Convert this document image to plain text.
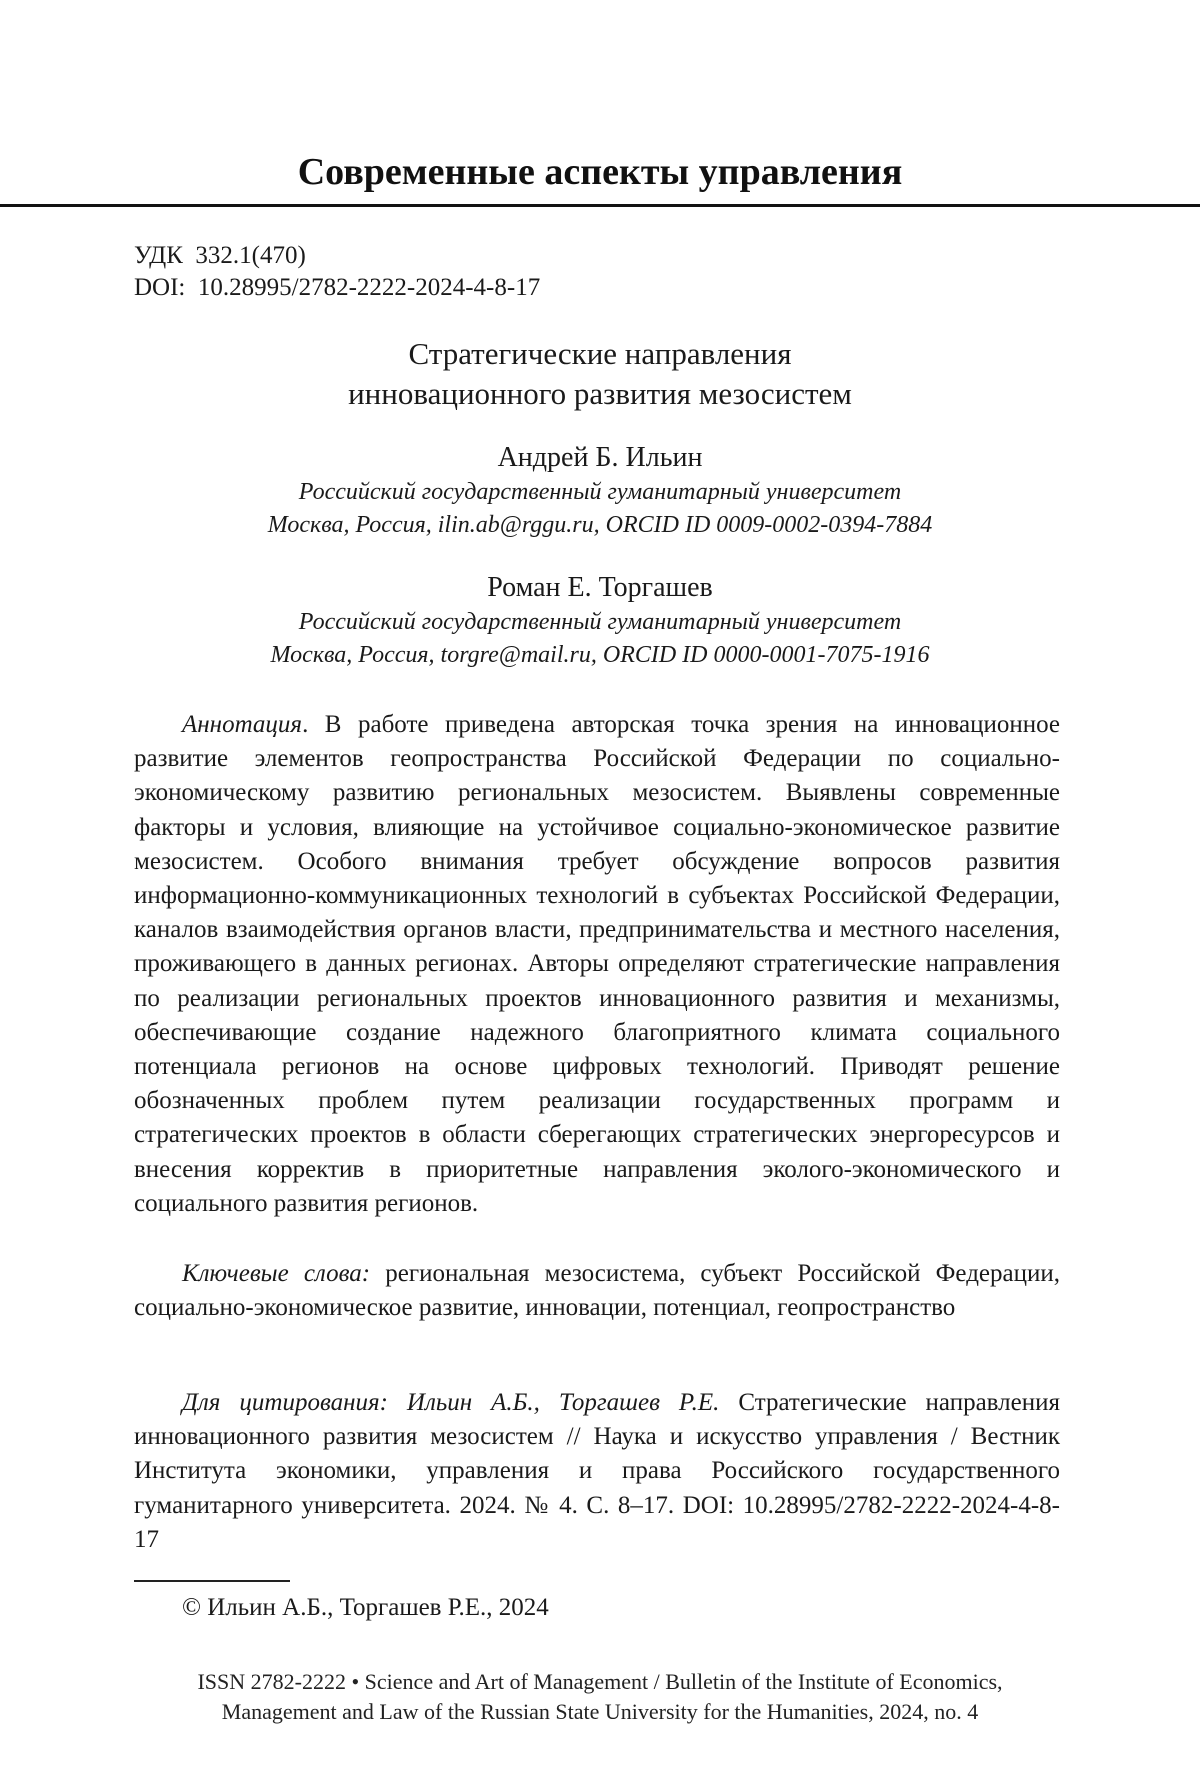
Современные аспекты управления
УДК  332.1(470)
DOI:  10.28995/2782-2222-2024-4-8-17
Стратегические направления
инновационного развития мезосистем
Андрей Б. Ильин
Российский государственный гуманитарный университет
Москва, Россия, ilin.ab@rggu.ru, ORCID ID 0009-0002-0394-7884
Роман Е. Торгашев
Российский государственный гуманитарный университет
Москва, Россия, torgre@mail.ru, ORCID ID 0000-0001-7075-1916

Аннотация. В работе приведена авторская точка зрения на инновационное развитие элементов геопространства Российской Федерации по социально-экономическому развитию региональных мезосистем. Выявлены современные факторы и условия, влияющие на устойчивое социально-экономическое развитие мезосистем. Особого внимания требует обсуждение вопросов развития информационно-коммуникационных технологий в субъектах Российской Федерации, каналов взаимодействия органов власти, предпринимательства и местного населения, проживающего в данных регионах. Авторы определяют стратегические направления по реализации региональных проектов инновационного развития и механизмы, обеспечивающие создание надежного благоприятного климата социального потенциала регионов на основе цифровых технологий. Приводят решение обозначенных проблем путем реализации государственных программ и стратегических проектов в области сберегающих стратегических энергоресурсов и внесения корректив в приоритетные направления эколого-экономического и социального развития регионов.

Ключевые слова: региональная мезосистема, субъект Российской Федерации, социально-экономическое развитие, инновации, потенциал, геопространство

Для цитирования: Ильин А.Б., Торгашев Р.Е. Стратегические направления инновационного развития мезосистем // Наука и искусство управления / Вестник Института экономики, управления и права Российского государственного гуманитарного университета. 2024. № 4. С. 8–17. DOI: 10.28995/2782-2222-2024-4-8-17

© Ильин А.Б., Торгашев Р.Е., 2024
ISSN 2782-2222 • Science and Art of Management / Bulletin of the Institute of Economics,
Management and Law of the Russian State University for the Humanities, 2024, no. 4
